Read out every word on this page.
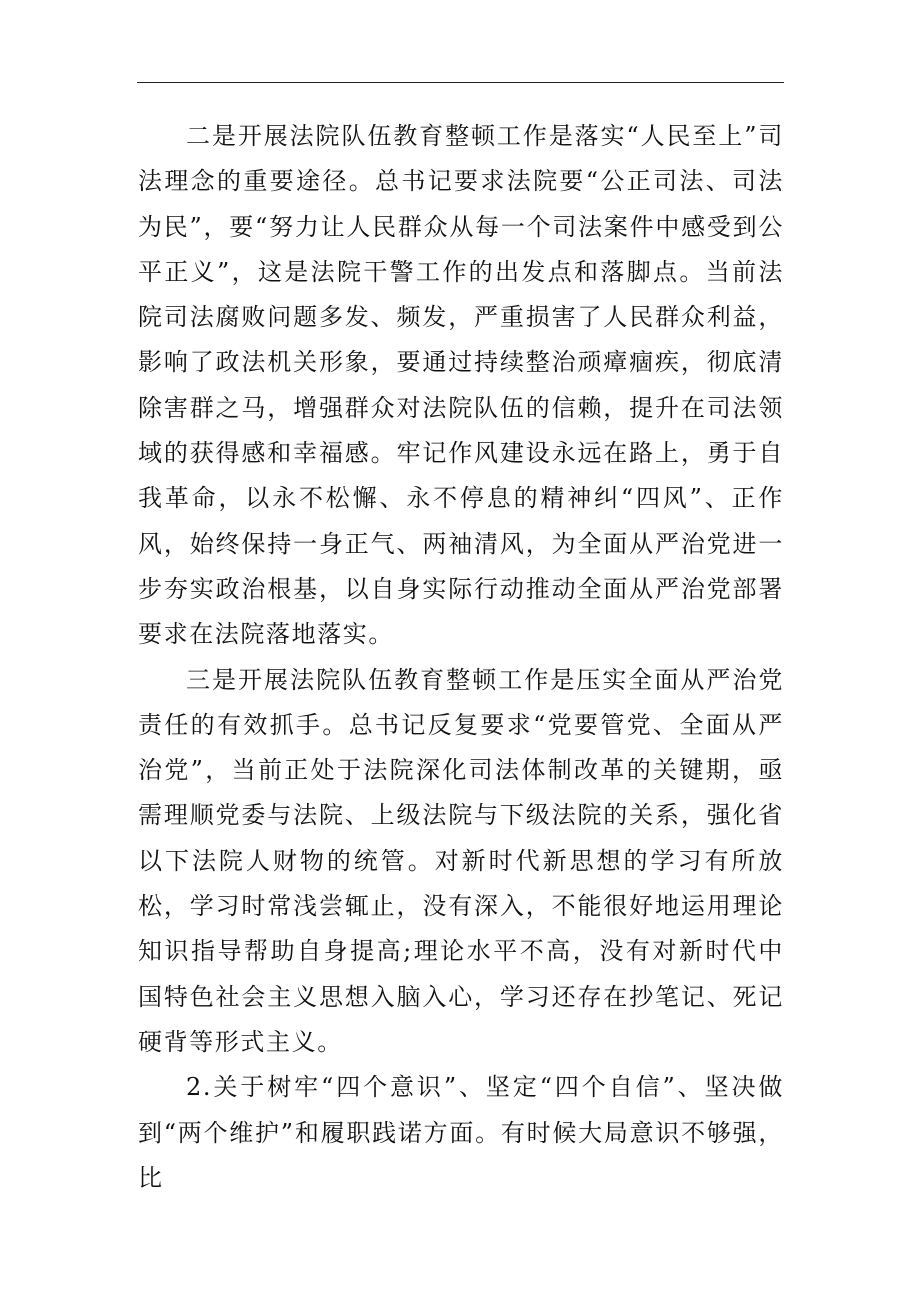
二是开展法院队伍教育整顿工作是落实“人民至上”司法理念的重要途径。总书记要求法院要“公正司法、司法为民”，要“努力让人民群众从每一个司法案件中感受到公平正义”，这是法院干警工作的出发点和落脚点。当前法院司法腐败问题多发、频发，严重损害了人民群众利益，影响了政法机关形象，要通过持续整治顽瘴痼疾，彻底清除害群之马，增强群众对法院队伍的信赖，提升在司法领域的获得感和幸福感。牢记作风建设永远在路上，勇于自我革命，以永不松懈、永不停息的精神纠“四风”、正作风，始终保持一身正气、两袖清风，为全面从严治党进一步夯实政治根基，以自身实际行动推动全面从严治党部署要求在法院落地落实。

三是开展法院队伍教育整顿工作是压实全面从严治党责任的有效抓手。总书记反复要求“党要管党、全面从严治党”，当前正处于法院深化司法体制改革的关键期，亟需理顺党委与法院、上级法院与下级法院的关系，强化省以下法院人财物的统管。对新时代新思想的学习有所放松，学习时常浅尝辄止，没有深入，不能很好地运用理论知识指导帮助自身提高;理论水平不高，没有对新时代中国特色社会主义思想入脑入心，学习还存在抄笔记、死记硬背等形式主义。

2.关于树牢“四个意识”、坚定“四个自信”、坚决做到“两个维护”和履职践诺方面。有时候大局意识不够强，比
